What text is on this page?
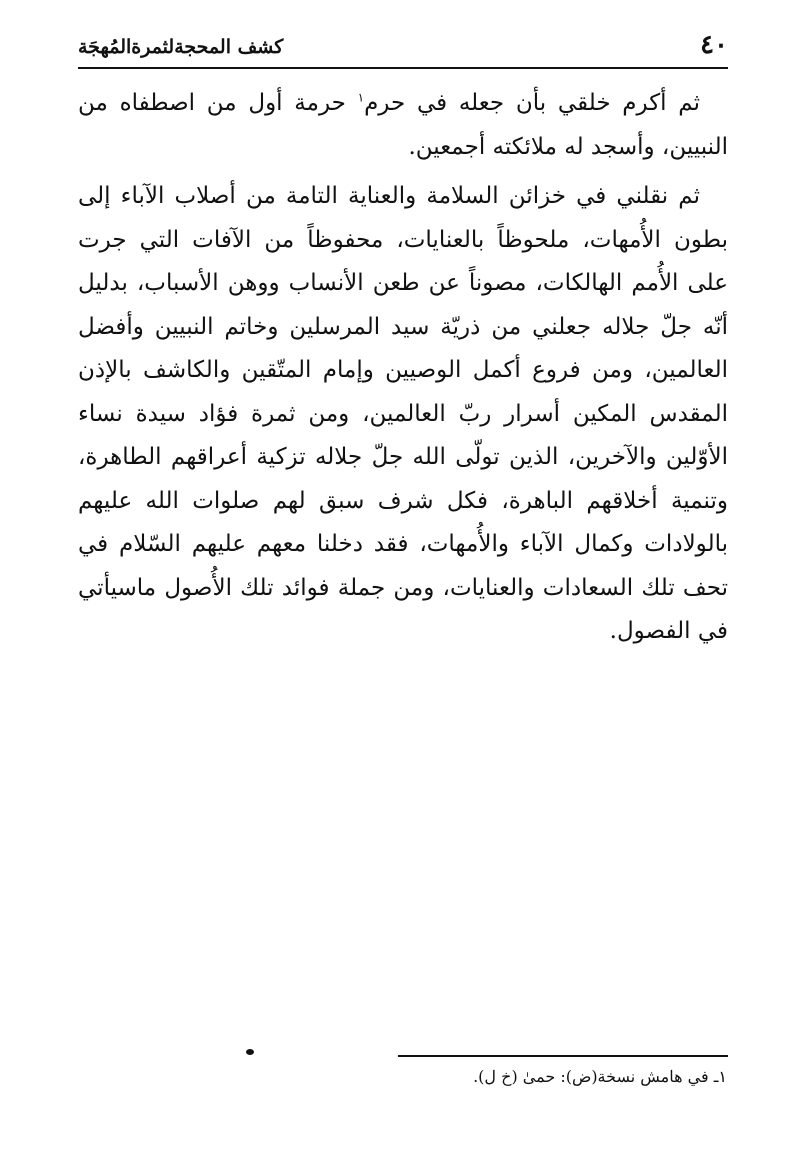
٤٠
كشف المحجةلثمرةالمُهجَة

ثم أكرم خلقي بأن جعله في حرم$^١$ حرمة أول من اصطفاه من النبيين، وأسجد له ملائكته أجمعين.

ثم نقلني في خزائن السلامة والعناية التامة من أصلاب الآباء إلى بطون الأُمهات، ملحوظاً بالعنايات، محفوظاً من الآفات التي جرت على الأُمم الهالكات، مصوناً عن طعن الأنساب ووهن الأسباب، بدليل أنّه جلّ جلاله جعلني من ذريّة سيد المرسلين وخاتم النبيين وأفضل العالمين، ومن فروع أكمل الوصيين وإمام المتّقين والكاشف بالإذن المقدس المكين أسرار ربّ العالمين، ومن ثمرة فؤاد سيدة نساء الأوّلين والآخرين، الذين تولّى الله جلّ جلاله تزكية أعراقهم الطاهرة، وتنمية أخلاقهم الباهرة، فكل شرف سبق لهم صلوات الله عليهم بالولادات وكمال الآباء والأُمهات، فقد دخلنا معهم عليهم السّلام في تحف تلك السعادات والعنايات، ومن جملة فوائد تلك الأُصول ماسيأتي في الفصول.

١ـ في هامش نسخة(ض): حمىٰ (خ ل).
